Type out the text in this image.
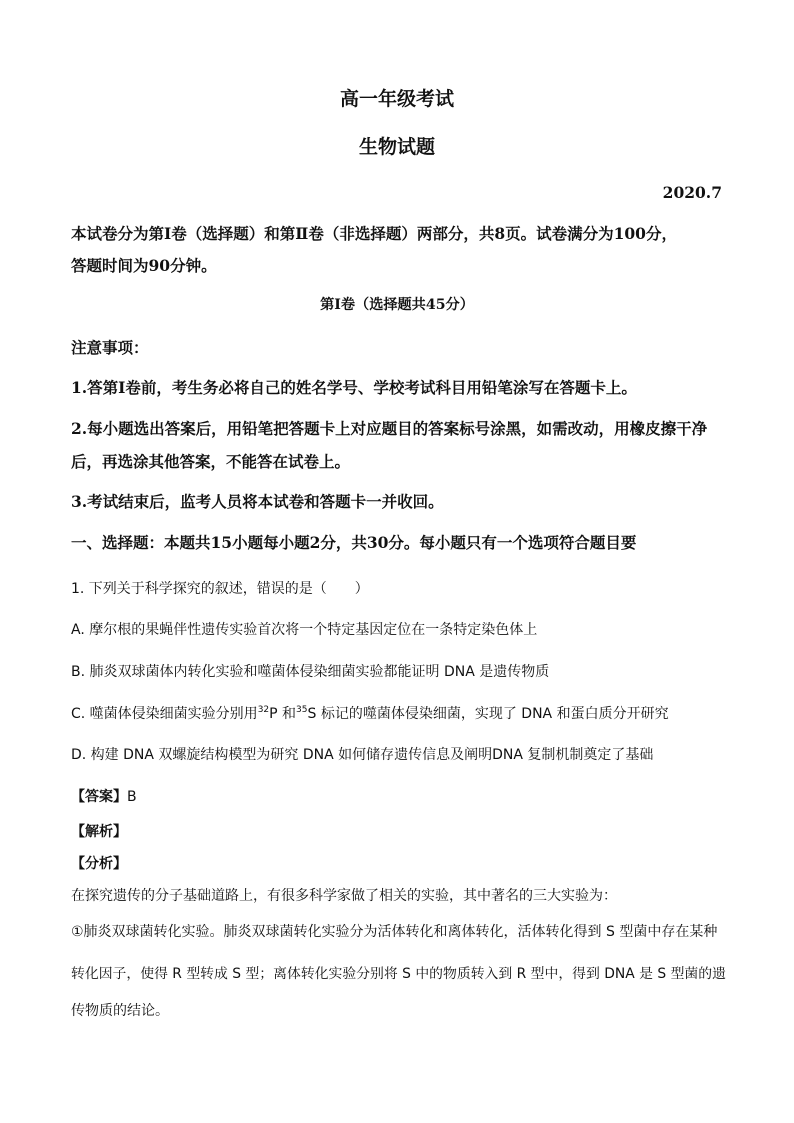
高一年级考试
生物试题
2020.7
本试卷分为第Ⅰ卷（选择题）和第Ⅱ卷（非选择题）两部分，共8页。试卷满分为100分，
答题时间为90分钟。
第Ⅰ卷（选择题共45分）
注意事项：
1.答第Ⅰ卷前，考生务必将自己的姓名学号、学校考试科目用铅笔涂写在答题卡上。
2.每小题选出答案后，用铅笔把答题卡上对应题目的答案标号涂黑，如需改动，用橡皮擦干净
后，再选涂其他答案，不能答在试卷上。
3.考试结束后，监考人员将本试卷和答题卡一并收回。
一、选择题：本题共15小题每小题2分，共30分。每小题只有一个选项符合题目要
1. 下列关于科学探究的叙述，错误的是（　　）
A. 摩尔根的果蝇伴性遗传实验首次将一个特定基因定位在一条特定染色体上
B. 肺炎双球菌体内转化实验和噬菌体侵染细菌实验都能证明 DNA 是遗传物质
C. 噬菌体侵染细菌实验分别用$^{32}$P 和$^{35}$S 标记的噬菌体侵染细菌，实现了 DNA 和蛋白质分开研究
D. 构建 DNA 双螺旋结构模型为研究 DNA 如何储存遗传信息及阐明DNA 复制机制奠定了基础
【答案】B
【解析】
【分析】
在探究遗传的分子基础道路上，有很多科学家做了相关的实验，其中著名的三大实验为：
①肺炎双球菌转化实验。肺炎双球菌转化实验分为活体转化和离体转化，活体转化得到 S 型菌中存在某种
转化因子，使得 R 型转成 S 型；离体转化实验分别将 S 中的物质转入到 R 型中，得到 DNA 是 S 型菌的遗
传物质的结论。
